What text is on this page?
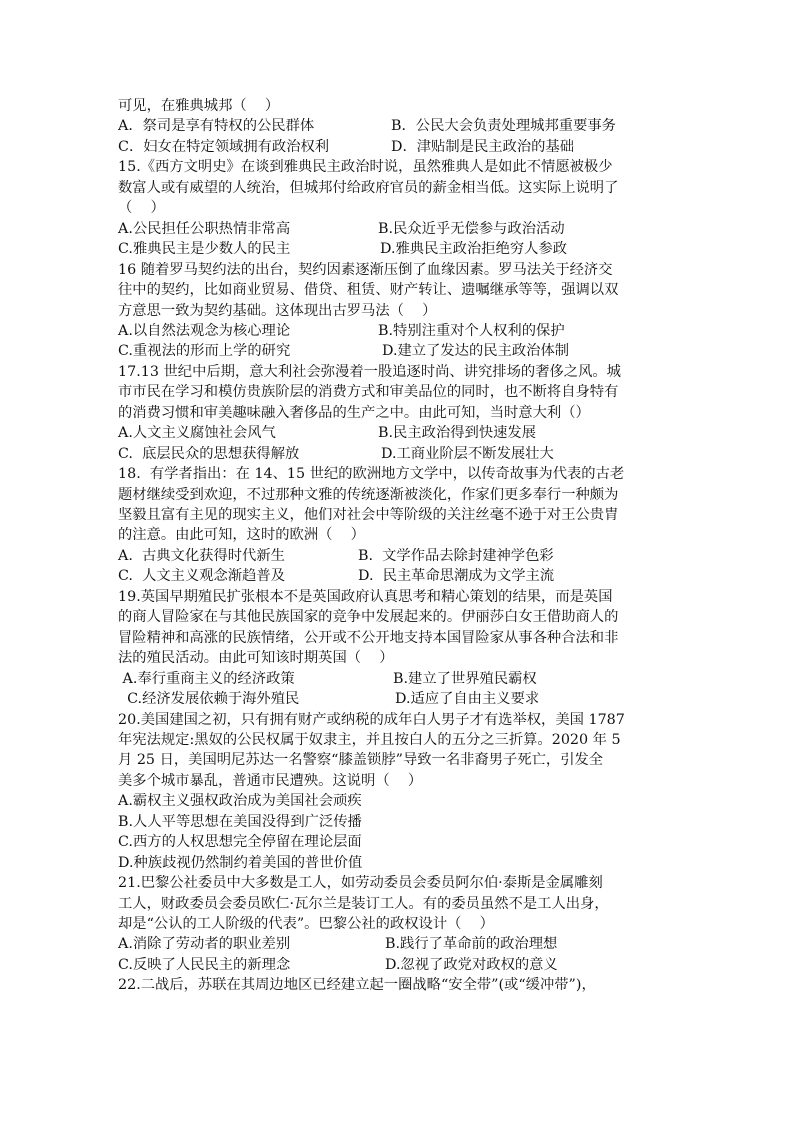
可见，在雅典城邦（    ）
A．祭司是享有特权的公民群体	B．公民大会负责处理城邦重要事务
C．妇女在特定领域拥有政治权利	D．津贴制是民主政治的基础
15.《西方文明史》在谈到雅典民主政治时说，虽然雅典人是如此不情愿被极少
数富人或有威望的人统治，但城邦付给政府官员的薪金相当低。这实际上说明了
（    ）
A.公民担任公职热情非常高	B.民众近乎无偿参与政治活动
C.雅典民主是少数人的民主	D.雅典民主政治拒绝穷人参政
16 随着罗马契约法的出台，契约因素逐渐压倒了血缘因素。罗马法关于经济交
往中的契约，比如商业贸易、借贷、租赁、财产转让、遗嘱继承等等，强调以双
方意思一致为契约基础。这体现出古罗马法（    ）
A.以自然法观念为核心理论	B.特别注重对个人权利的保护
C.重视法的形而上学的研究	D.建立了发达的民主政治体制
17.13 世纪中后期，意大利社会弥漫着一股追逐时尚、讲究排场的奢侈之风。城
市市民在学习和模仿贵族阶层的消费方式和审美品位的同时，也不断将自身特有
的消费习惯和审美趣味融入奢侈品的生产之中。由此可知，当时意大利（）
A.人文主义腐蚀社会风气	B.民主政治得到快速发展
C.  底层民众的思想获得解放	D.工商业阶层不断发展壮大
18.  有学者指出：在 14、15 世纪的欧洲地方文学中，以传奇故事为代表的古老
题材继续受到欢迎，不过那种文雅的传统逐渐被淡化，作家们更多奉行一种颇为
坚毅且富有主见的现实主义，他们对社会中等阶级的关注丝毫不逊于对王公贵胄
的注意。由此可知，这时的欧洲（    ）
A.  古典文化获得时代新生	B.  文学作品去除封建神学色彩
C.  人文主义观念渐趋普及	D.  民主革命思潮成为文学主流
19.英国早期殖民扩张根本不是英国政府认真思考和精心策划的结果，而是英国
的商人冒险家在与其他民族国家的竞争中发展起来的。伊丽莎白女王借助商人的
冒险精神和高涨的民族情绪，公开或不公开地支持本国冒险家从事各种合法和非
法的殖民活动。由此可知该时期英国（    ）
A.奉行重商主义的经济政策	B.建立了世界殖民霸权
C.经济发展依赖于海外殖民	D.适应了自由主义要求
20.美国建国之初，只有拥有财产或纳税的成年白人男子才有选举权，美国 1787
年宪法规定:黑奴的公民权属于奴隶主，并且按白人的五分之三折算。2020 年 5
月 25 日，美国明尼苏达一名警察“膝盖锁脖”导致一名非裔男子死亡，引发全
美多个城市暴乱，普通市民遭殃。这说明（    ）
A.霸权主义强权政治成为美国社会顽疾
B.人人平等思想在美国没得到广泛传播
C.西方的人权思想完全停留在理论层面
D.种族歧视仍然制约着美国的普世价值
21.巴黎公社委员中大多数是工人，如劳动委员会委员阿尔伯·泰斯是金属雕刻
工人，财政委员会委员欧仁·瓦尔兰是装订工人。有的委员虽然不是工人出身，
却是“公认的工人阶级的代表”。巴黎公社的政权设计（    ）
A.消除了劳动者的职业差别	B.践行了革命前的政治理想
C.反映了人民民主的新理念	D.忽视了政党对政权的意义
22.二战后，苏联在其周边地区已经建立起一圈战略“安全带”(或“缓冲带”)，
